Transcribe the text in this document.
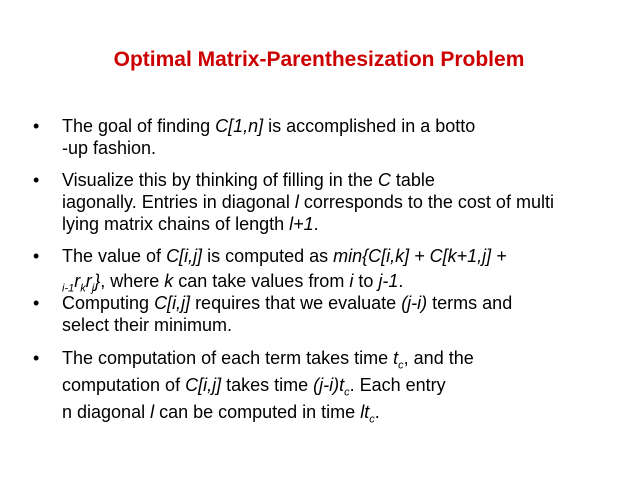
Optimal Matrix-Parenthesization Problem
• The goal of finding C[1,n] is accomplished in a botto
-up fashion.
• Visualize this by thinking of filling in the C table
iagonally. Entries in diagonal l corresponds to the cost of multi
lying matrix chains of length l+1.
• The value of C[i,j] is computed as min{C[i,k] + C[k+1,j] +
$_{i-1}r_kr_j$}, where k can take values from i to j-1.
• Computing C[i,j] requires that we evaluate (j-i) terms and
select their minimum.
• The computation of each term takes time $t_c$, and the
computation of C[i,j] takes time $(j-i)t_c$. Each entry
n diagonal l can be computed in time $lt_c$.
